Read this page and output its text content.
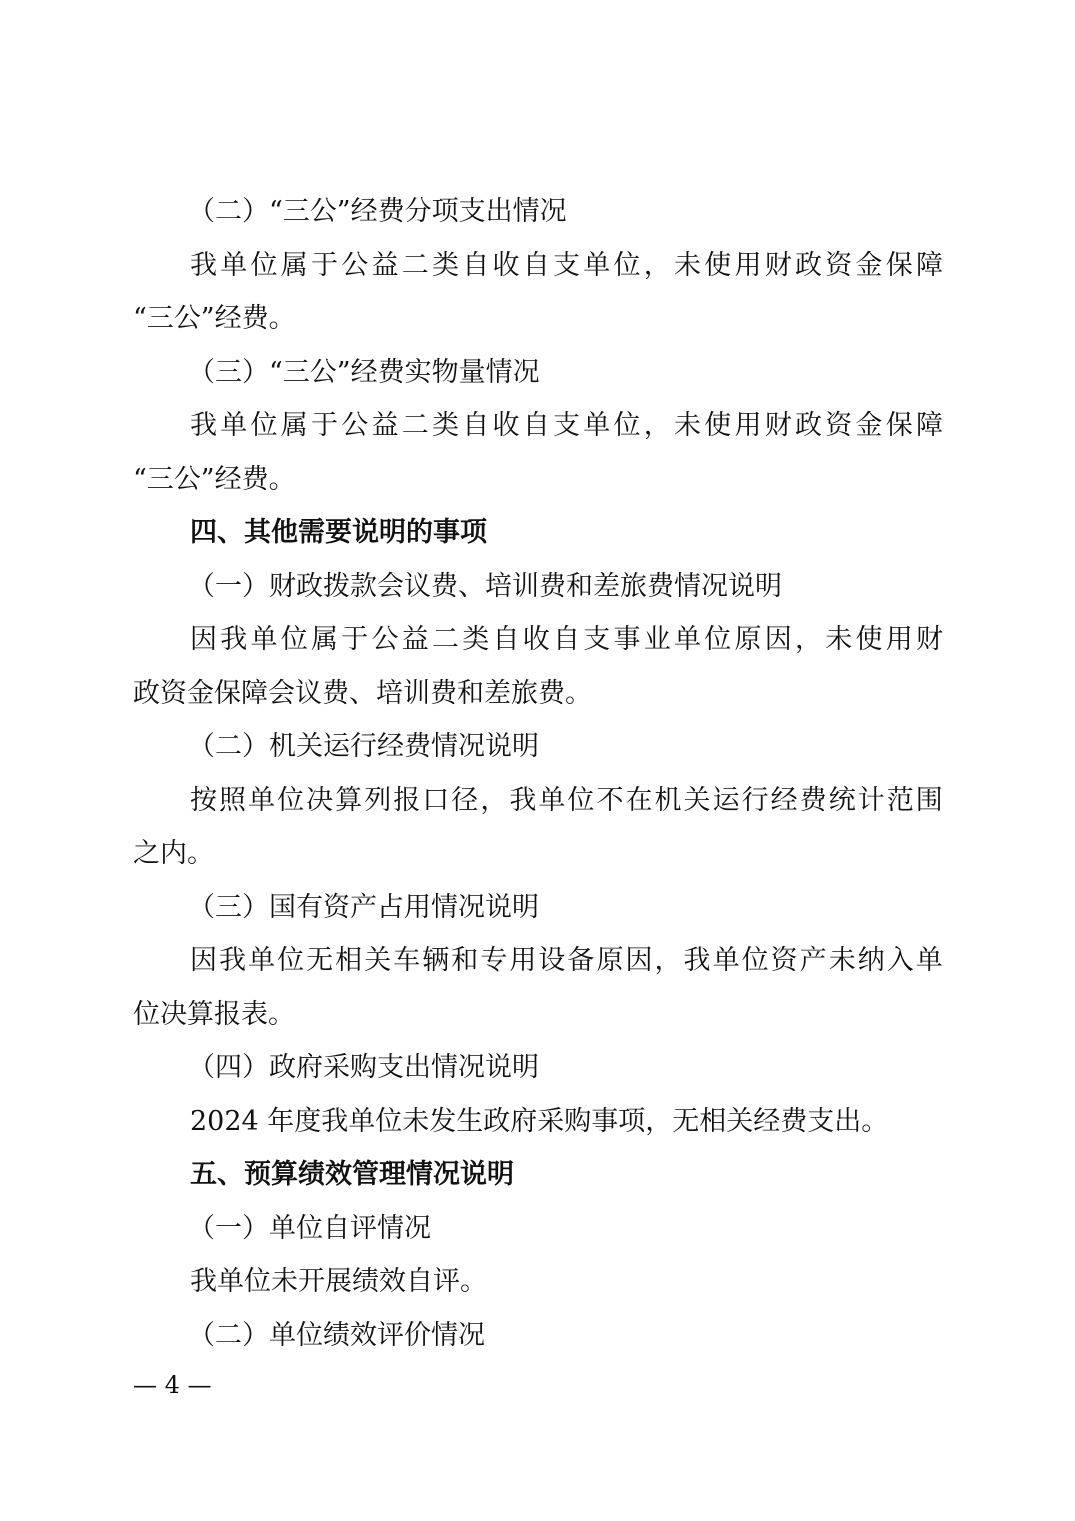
（二）“三公”经费分项支出情况
我 单 位 属 于 公 益 二 类 自 收 自 支 单 位 ， 未 使 用 财 政 资 金 保 障
“三公”经费。
（三）“三公”经费实物量情况
我 单 位 属 于 公 益 二 类 自 收 自 支 单 位 ， 未 使 用 财 政 资 金 保 障
“三公”经费。
四、其他需要说明的事项
（一）财政拨款会议费、培训费和差旅费情况说明
因 我 单 位 属 于 公 益 二 类 自 收 自 支 事 业 单 位 原 因 ， 未 使 用 财
政资金保障会议费、培训费和差旅费。
（二）机关运行经费情况说明
按 照 单 位 决 算 列 报 口 径 ， 我 单 位 不 在 机 关 运 行 经 费 统 计 范 围
之内。
（三）国有资产占用情况说明
因 我 单 位 无 相 关 车 辆 和 专 用 设 备 原 因 ， 我 单 位 资 产 未 纳 入 单
位决算报表。
（四）政府采购支出情况说明
2024 年度我单位未发生政府采购事项，无相关经费支出。
五、预算绩效管理情况说明
（一）单位自评情况
我单位未开展绩效自评。
（二）单位绩效评价情况
— 4 —
